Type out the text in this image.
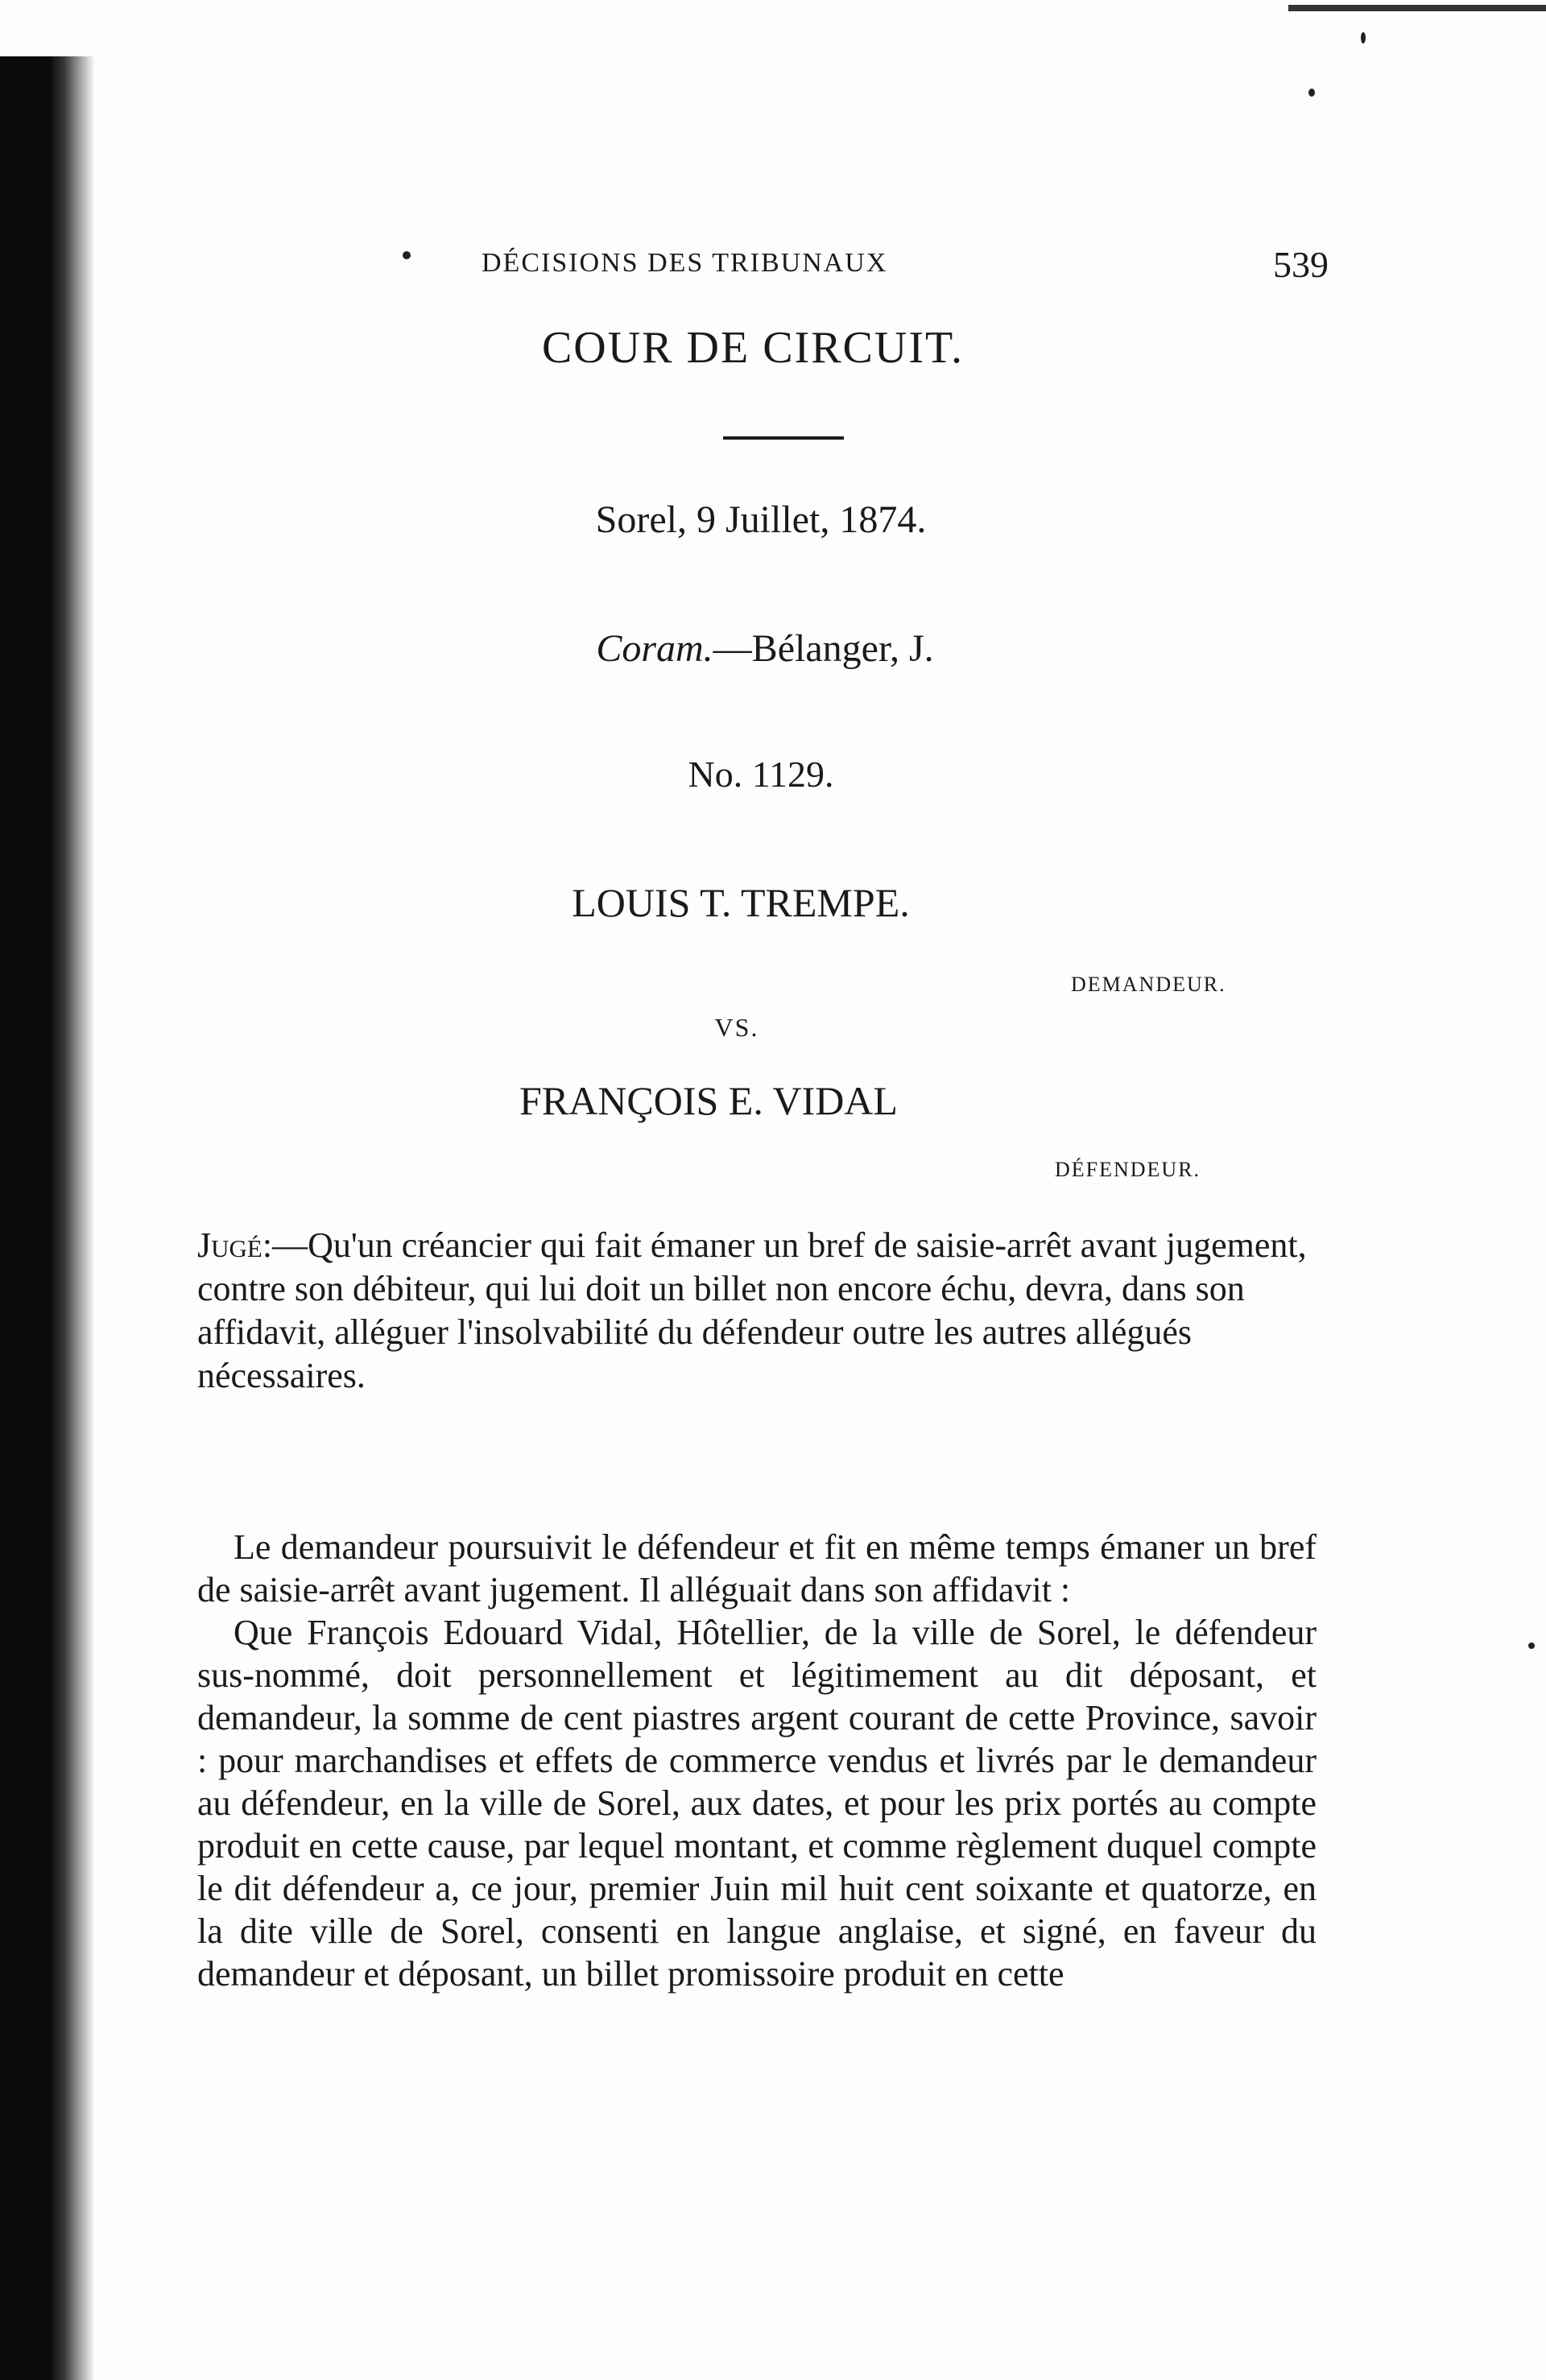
DÉCISIONS DES TRIBUNAUX	539
COUR DE CIRCUIT.
Sorel, 9 Juillet, 1874.
Coram.—Bélanger, J.
No. 1129.
LOUIS T. TREMPE.
DEMANDEUR.
VS.
FRANÇOIS E. VIDAL
DÉFENDEUR.

Jugé:—Qu'un créancier qui fait émaner un bref de saisie-arrêt avant jugement, contre son débiteur, qui lui doit un billet non encore échu, devra, dans son affidavit, alléguer l'insolvabilité du défendeur outre les autres allégués nécessaires.

Le demandeur poursuivit le défendeur et fit en même temps émaner un bref de saisie-arrêt avant jugement. Il alléguait dans son affidavit :

Que François Edouard Vidal, Hôtellier, de la ville de Sorel, le défendeur sus-nommé, doit personnellement et légitimement au dit déposant, et demandeur, la somme de cent piastres argent courant de cette Province, savoir : pour marchandises et effets de commerce vendus et livrés par le demandeur au défendeur, en la ville de Sorel, aux dates, et pour les prix portés au compte produit en cette cause, par lequel montant, et comme règlement duquel compte le dit défendeur a, ce jour, premier Juin mil huit cent soixante et quatorze, en la dite ville de Sorel, consenti en langue anglaise, et signé, en faveur du demandeur et déposant, un billet promissoire produit en cette
